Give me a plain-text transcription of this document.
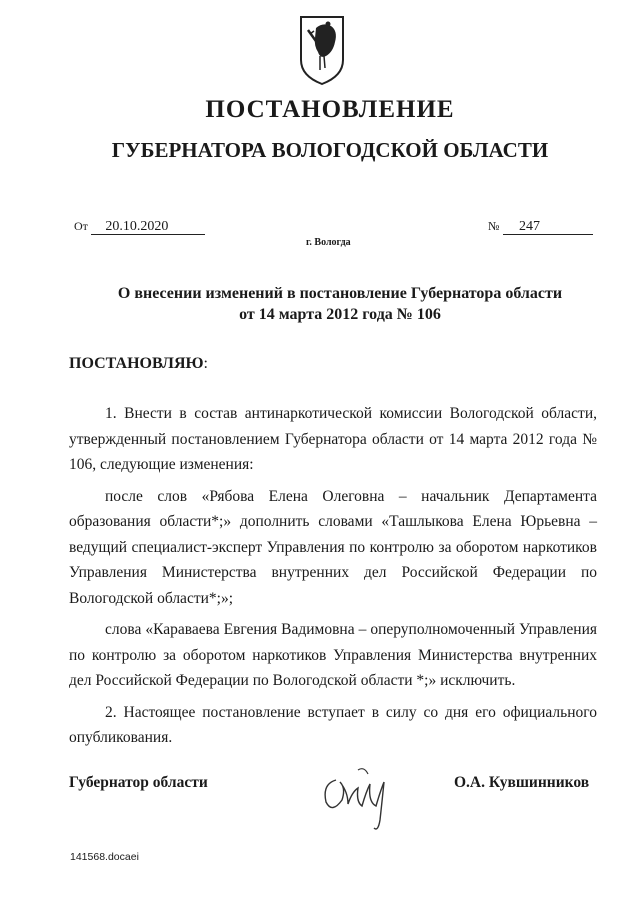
ПОСТАНОВЛЕНИЕ
ГУБЕРНАТОРА ВОЛОГОДСКОЙ ОБЛАСТИ
От 20.10.2020	№ 247
г. Вологда
О внесении изменений в постановление Губернатора области
от 14 марта 2012 года № 106
ПОСТАНОВЛЯЮ:

1. Внести в состав антинаркотической комиссии Вологодской области, утвержденный постановлением Губернатора области от 14 марта 2012 года № 106, следующие изменения:

после слов «Рябова Елена Олеговна – начальник Департамента образования области*;» дополнить словами «Ташлыкова Елена Юрьевна – ведущий специалист-эксперт Управления по контролю за оборотом наркотиков Управления Министерства внутренних дел Российской Федерации по Вологодской области*;»;

слова «Караваева Евгения Вадимовна – оперуполномоченный Управления по контролю за оборотом наркотиков Управления Министерства внутренних дел Российской Федерации по Вологодской области *;» исключить.

2. Настоящее постановление вступает в силу со дня его официального опубликования.

Губернатор области	О.А. Кувшинников
141568.docaei
